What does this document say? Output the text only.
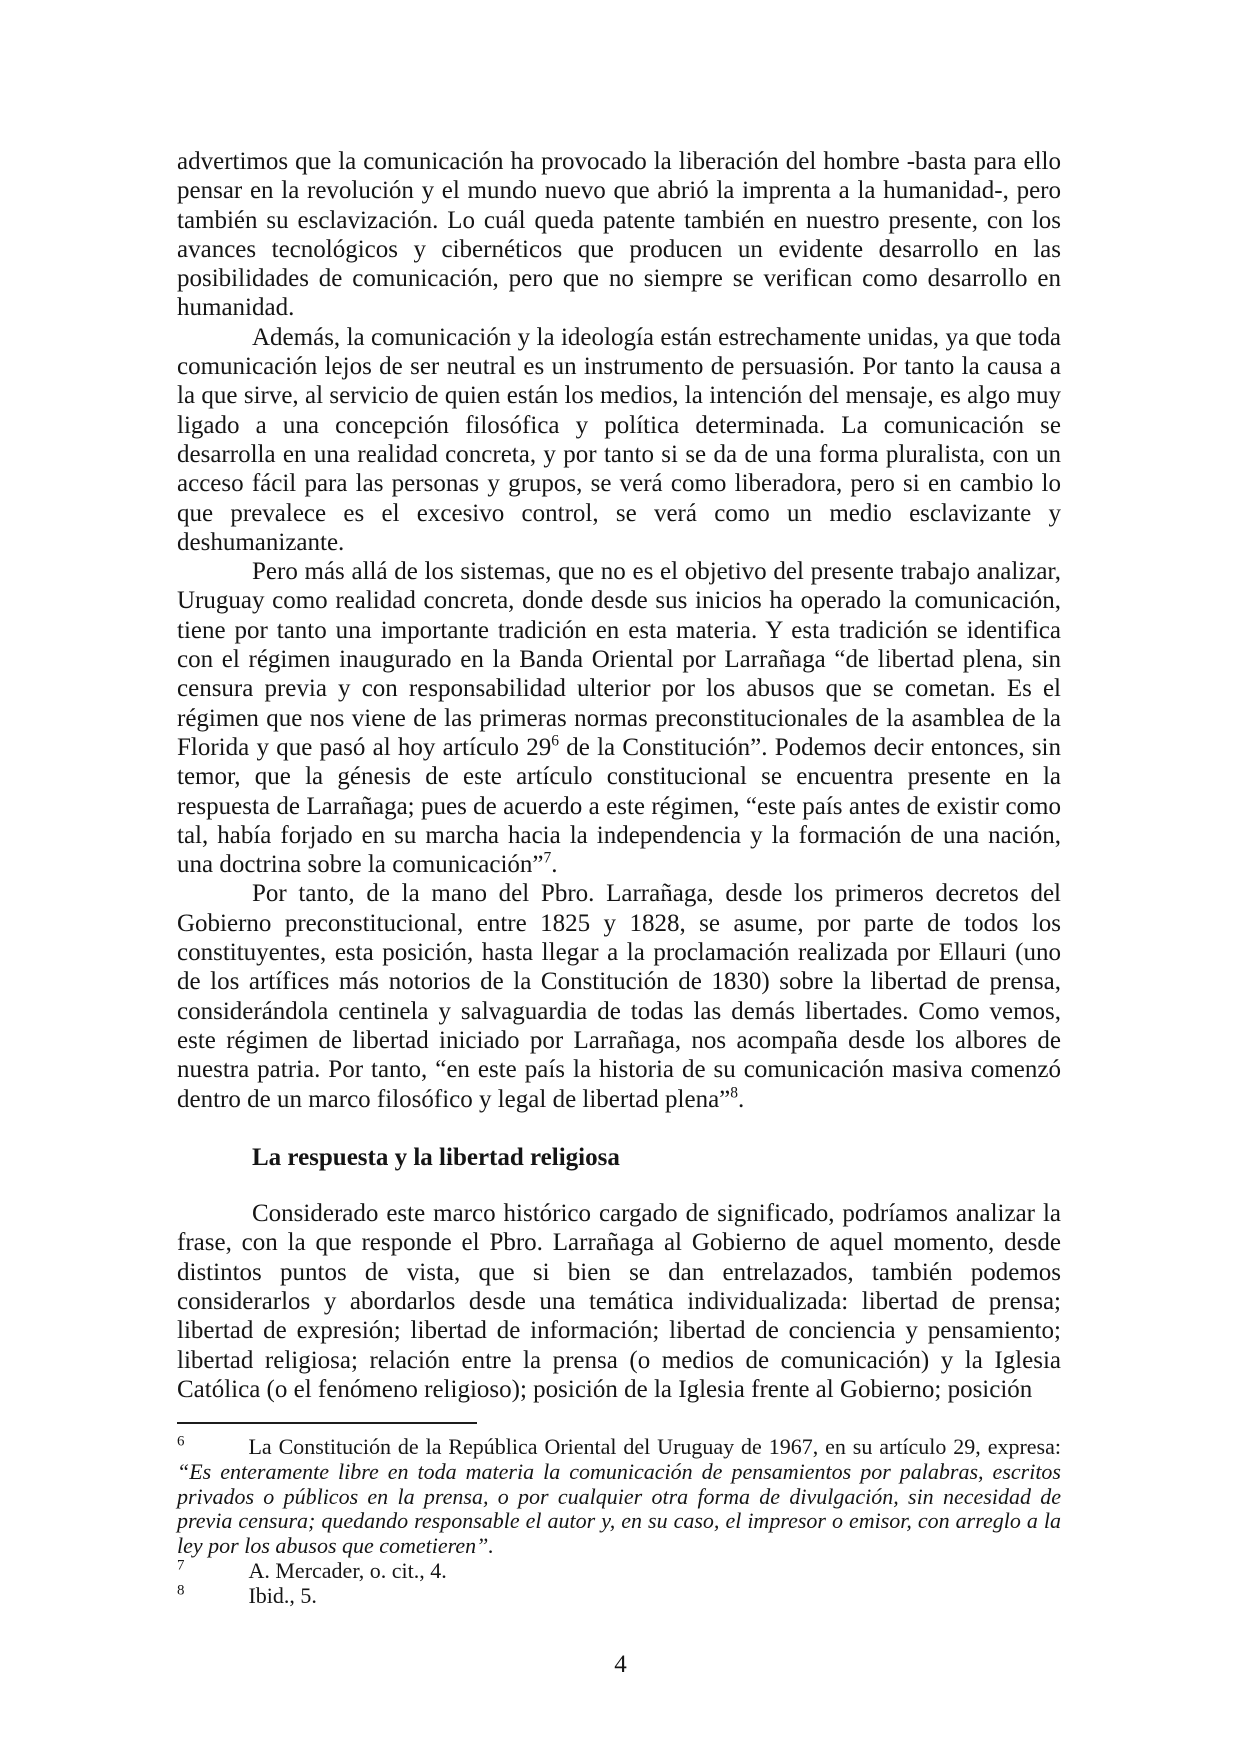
advertimos que la comunicación ha provocado la liberación del hombre -basta para ello pensar en la revolución y el mundo nuevo que abrió la imprenta a la humanidad-, pero también su esclavización. Lo cuál queda patente también en nuestro presente, con los avances tecnológicos y cibernéticos que producen un evidente desarrollo en las posibilidades de comunicación, pero que no siempre se verifican como desarrollo en humanidad.

Además, la comunicación y la ideología están estrechamente unidas, ya que toda comunicación lejos de ser neutral es un instrumento de persuasión. Por tanto la causa a la que sirve, al servicio de quien están los medios, la intención del mensaje, es algo muy ligado a una concepción filosófica y política determinada. La comunicación se desarrolla en una realidad concreta, y por tanto si se da de una forma pluralista, con un acceso fácil para las personas y grupos, se verá como liberadora, pero si en cambio lo que prevalece es el excesivo control, se verá como un medio esclavizante y deshumanizante.

Pero más allá de los sistemas, que no es el objetivo del presente trabajo analizar, Uruguay como realidad concreta, donde desde sus inicios ha operado la comunicación, tiene por tanto una importante tradición en esta materia. Y esta tradición se identifica con el régimen inaugurado en la Banda Oriental por Larrañaga “de libertad plena, sin censura previa y con responsabilidad ulterior por los abusos que se cometan. Es el régimen que nos viene de las primeras normas preconstitucionales de la asamblea de la Florida y que pasó al hoy artículo $29^6$ de la Constitución”. Podemos decir entonces, sin temor, que la génesis de este artículo constitucional se encuentra presente en la respuesta de Larrañaga; pues de acuerdo a este régimen, “este país antes de existir como tal, había forjado en su marcha hacia la independencia y la formación de una nación, una doctrina sobre la comunicación”$^7$.

Por tanto, de la mano del Pbro. Larrañaga, desde los primeros decretos del Gobierno preconstitucional, entre 1825 y 1828, se asume, por parte de todos los constituyentes, esta posición, hasta llegar a la proclamación realizada por Ellauri (uno de los artífices más notorios de la Constitución de 1830) sobre la libertad de prensa, considerándola centinela y salvaguardia de todas las demás libertades. Como vemos, este régimen de libertad iniciado por Larrañaga, nos acompaña desde los albores de nuestra patria. Por tanto, “en este país la historia de su comunicación masiva comenzó dentro de un marco filosófico y legal de libertad plena”$^8$.

La respuesta y la libertad religiosa

Considerado este marco histórico cargado de significado, podríamos analizar la frase, con la que responde el Pbro. Larrañaga al Gobierno de aquel momento, desde distintos puntos de vista, que si bien se dan entrelazados, también podemos considerarlos y abordarlos desde una temática individualizada: libertad de prensa; libertad de expresión; libertad de información; libertad de conciencia y pensamiento; libertad religiosa; relación entre la prensa (o medios de comunicación) y la Iglesia Católica (o el fenómeno religioso); posición de la Iglesia frente al Gobierno; posición

$^6$	La Constitución de la República Oriental del Uruguay de 1967, en su artículo 29, expresa: “Es enteramente libre en toda materia la comunicación de pensamientos por palabras, escritos privados o públicos en la prensa, o por cualquier otra forma de divulgación, sin necesidad de previa censura; quedando responsable el autor y, en su caso, el impresor o emisor, con arreglo a la ley por los abusos que cometieren”.

$^7$	A. Mercader, o. cit., 4.

$^8$	Ibid., 5.

4
